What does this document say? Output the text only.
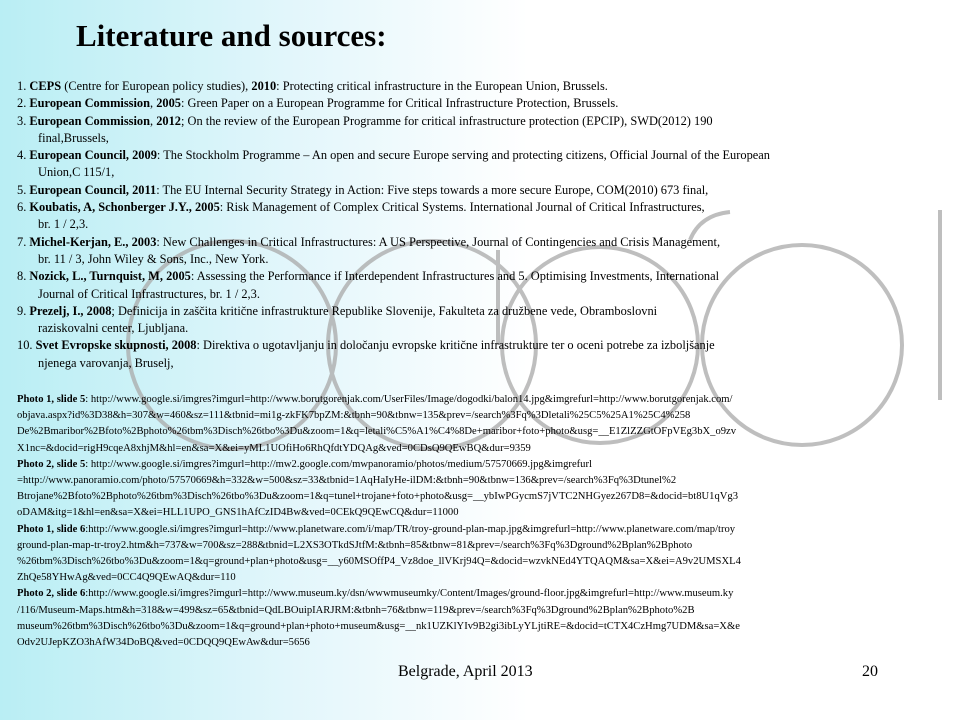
Literature and sources:
1. CEPS (Centre for European policy studies), 2010: Protecting critical infrastructure in the European Union, Brussels.
2. European Commission, 2005: Green Paper on a European Programme for Critical Infrastructure Protection, Brussels.
3. European Commission, 2012; On the review of the European Programme for critical infrastructure protection (EPCIP), SWD(2012) 190
final,Brussels,
4. European Council, 2009: The Stockholm Programme – An open and secure Europe serving and protecting citizens, Official Journal of the European
Union,C 115/1,
5. European Council, 2011: The EU Internal Security Strategy in Action: Five steps towards a more secure Europe, COM(2010) 673 final,
6. Koubatis, A, Schonberger J.Y., 2005: Risk Management of Complex Critical Systems. International Journal of Critical Infrastructures,
br. 1 / 2,3.
7. Michel-Kerjan, E., 2003: New Challenges in Critical Infrastructures: A US Perspective, Journal of Contingencies and Crisis Management,
br. 11 / 3, John Wiley & Sons, Inc., New York.
8. Nozick, L., Turnquist, M, 2005: Assessing the Performance if Interdependent Infrastructures and 5. Optimising Investments, International
Journal of Critical Infrastructures, br. 1 / 2,3.
9. Prezelj, I., 2008; Definicija in zaščita kritične infrastrukture Republike Slovenije, Fakulteta za družbene vede, Obramboslovni
raziskovalni center, Ljubljana.
10. Svet Evropske skupnosti, 2008: Direktiva o ugotavljanju in določanju evropske kritične infrastrukture ter o oceni potrebe za izboljšanje
njenega varovanja, Bruselj,
Photo 1, slide 5: http://www.google.si/imgres?imgurl=http://www.borutgorenjak.com/UserFiles/Image/dogodki/balon14.jpg&imgrefurl=http://www.borutgorenjak.com/
objava.aspx?id%3D38&h=307&w=460&sz=111&tbnid=mi1g-zkFK7bpZM:&tbnh=90&tbnw=135&prev=/search%3Fq%3Dletali%25C5%25A1%25C4%258
De%2Bmaribor%2Bfoto%2Bphoto%26tbm%3Disch%26tbo%3Du&zoom=1&q=letali%C5%A1%C4%8De+maribor+foto+photo&usg=__E1ZlZZGtOFpVEg3bX_o9zv
X1nc=&docid=rigH9cqeA8xhjM&hl=en&sa=X&ei=yML1UOfiHo6RhQfdtYDQAg&ved=0CDsQ9QEwBQ&dur=9359
Photo 2, slide 5: http://www.google.si/imgres?imgurl=http://mw2.google.com/mwpanoramio/photos/medium/57570669.jpg&imgrefurl
=http://www.panoramio.com/photo/57570669&h=332&w=500&sz=33&tbnid=1AqHaIyHe-ilDM:&tbnh=90&tbnw=136&prev=/search%3Fq%3Dtunel%2
Btrojane%2Bfoto%2Bphoto%26tbm%3Disch%26tbo%3Du&zoom=1&q=tunel+trojane+foto+photo&usg=__ybIwPGycmS7jVTC2NHGyez267D8=&docid=bt8U1qVg3
oDAM&itg=1&hl=en&sa=X&ei=HLL1UPO_GNS1hAfCzID4Bw&ved=0CEkQ9QEwCQ&dur=11000
Photo 1, slide 6:http://www.google.si/imgres?imgurl=http://www.planetware.com/i/map/TR/troy-ground-plan-map.jpg&imgrefurl=http://www.planetware.com/map/troy
ground-plan-map-tr-troy2.htm&h=737&w=700&sz=288&tbnid=L2XS3OTkdSJtfM:&tbnh=85&tbnw=81&prev=/search%3Fq%3Dground%2Bplan%2Bphoto
%26tbm%3Disch%26tbo%3Du&zoom=1&q=ground+plan+photo&usg=__y60MSOffP4_Vz8doe_llVKrj94Q=&docid=wzvkNEd4YTQAQM&sa=X&ei=A9v2UMSXL4
ZhQe58YHwAg&ved=0CC4Q9QEwAQ&dur=110
Photo 2, slide 6:http://www.google.si/imgres?imgurl=http://www.museum.ky/dsn/wwwmuseumky/Content/Images/ground-floor.jpg&imgrefurl=http://www.museum.ky
/116/Museum-Maps.htm&h=318&w=499&sz=65&tbnid=QdLBOuipIARJRM:&tbnh=76&tbnw=119&prev=/search%3Fq%3Dground%2Bplan%2Bphoto%2B
museum%26tbm%3Disch%26tbo%3Du&zoom=1&q=ground+plan+photo+museum&usg=__nk1UZKlYIv9B2gi3ibLyYLjtiRE=&docid=tCTX4CzHmg7UDM&sa=X&e
Odv2UJepKZO3hAfW34DoBQ&ved=0CDQQ9QEwAw&dur=5656
Belgrade, April 2013	20
